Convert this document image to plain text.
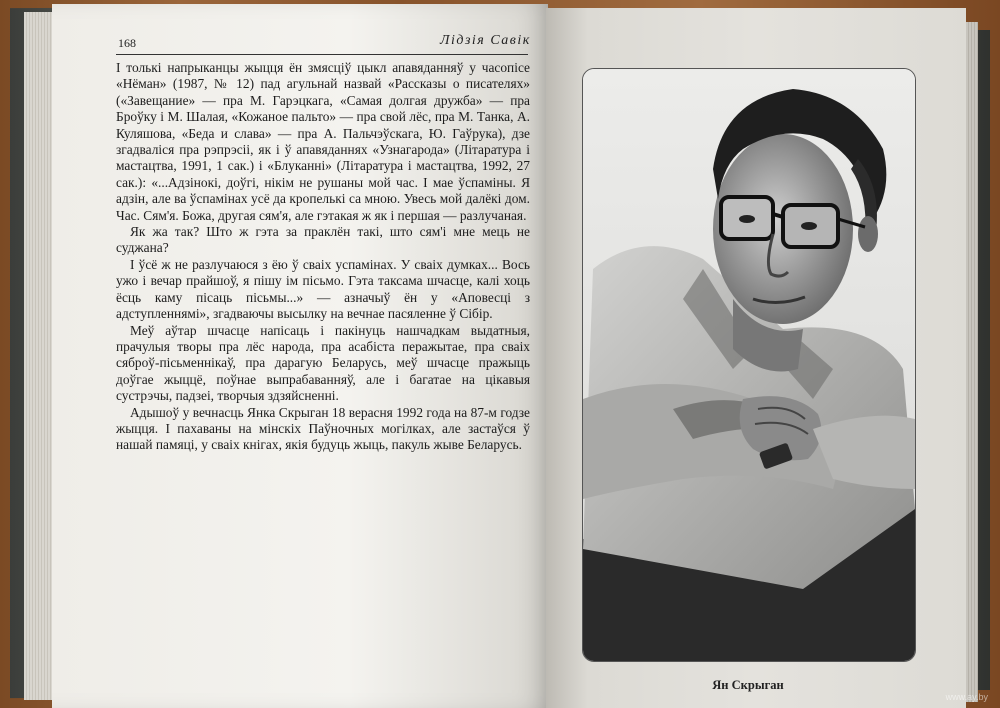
168	Лідзія Савік

І толькі напрыканцы жыцця ён змясціў цыкл апавяданняў у часопісе «Нёман» (1987, № 12) пад агульнай назвай «Рассказы о писателях» («Завещание» — пра М. Гарэцкага, «Самая долгая дружба» — пра Броўку і М. Шалая, «Кожаное пальто» — пра свой лёс, пра М. Танка, А. Куляшова, «Беда и слава» — пра А. Пальчэўскага, Ю. Гаўрука), дзе згадваліся пра рэпрэсіі, як і ў апавяданнях «Узнагарода» (Літаратура і мастацтва, 1991, 1 сак.) і «Блуканні» (Літаратура і мастацтва, 1992, 27 сак.): «...Адзінокі, доўгі, нікім не рушаны мой час. І мае ўспаміны. Я адзін, але ва ўспамінах усё да кропелькі са мною. Увесь мой далёкі дом. Час. Сям'я. Божа, другая сям'я, але гэтакая ж як і першая — разлучаная.

Як жа так? Што ж гэта за праклён такі, што сям'і мне мець не суджана?

І ўсё ж не разлучаюся з ёю ў сваіх успамінах. У сваіх думках... Вось ужо і вечар прайшоў, я пішу ім пісьмо. Гэта таксама шчасце, калі хоць ёсць каму пісаць пісьмы...» — азначыў ён у «Аповесці з адступленнямі», згадваючы высылку на вечнае пасяленне ў Сібір.

Меў аўтар шчасце напісаць і пакінуць нашчадкам выдатныя, прачулыя творы пра лёс народа, пра асабіста перажытае, пра сваіх сяброў-пісьменнікаў, пра дарагую Беларусь, меў шчасце пражыць доўгае жыццё, поўнае выпрабаванняў, але і багатае на цікавыя сустрэчы, падзеі, творчыя здзяйсненні.

Адышоў у вечнасць Янка Скрыган 18 верасня 1992 года на 87-м годзе жыцця. І пахаваны на мінскіх Паўночных могілках, але застаўся ў нашай памяці, у сваіх кнігах, якія будуць жыць, пакуль жыве Беларусь.

Ян Скрыган
www.ay.by
